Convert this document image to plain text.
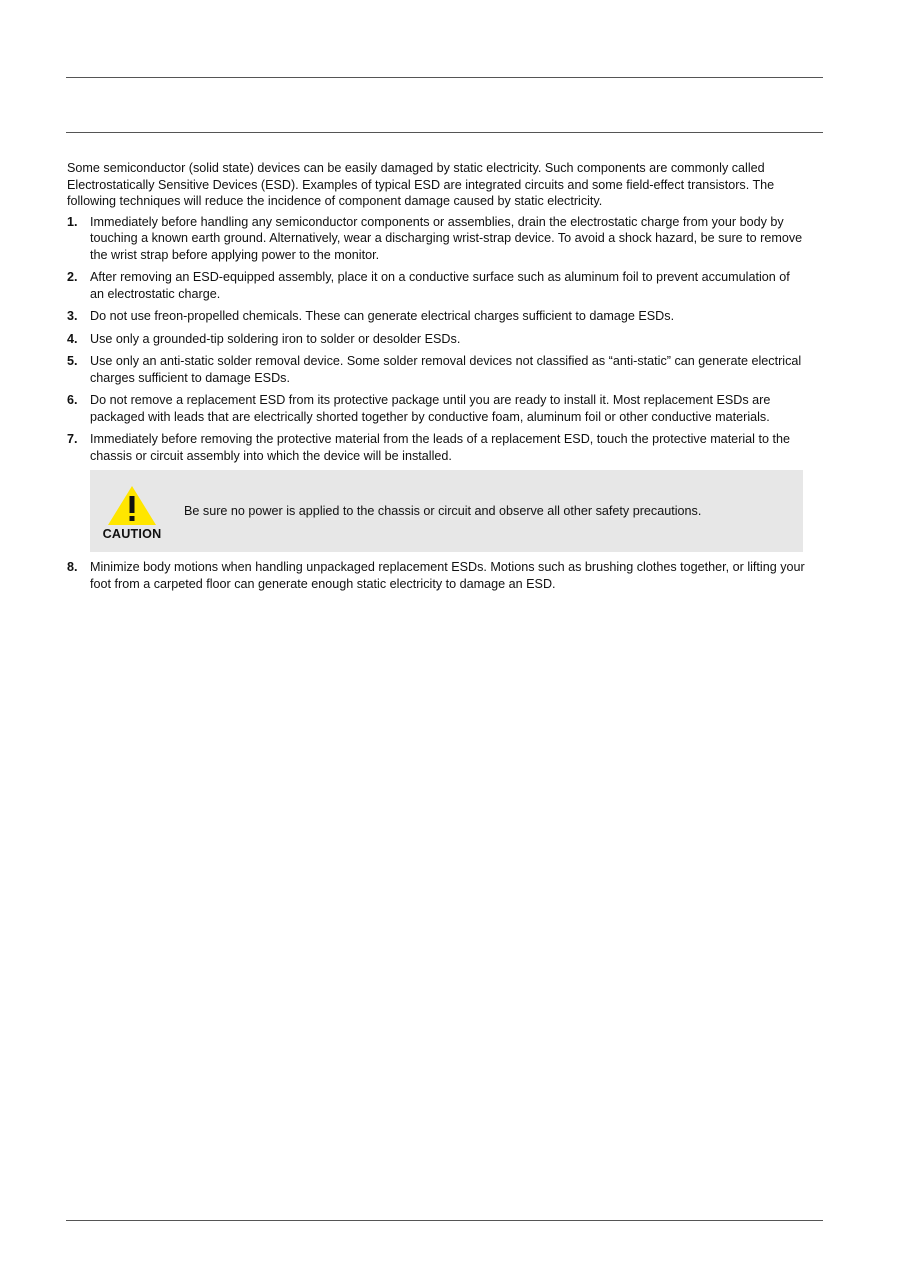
Some semiconductor (solid state) devices can be easily damaged by static electricity. Such components are commonly called Electrostatically Sensitive Devices (ESD). Examples of typical ESD are integrated circuits and some field-effect transistors. The following techniques will reduce the incidence of component damage caused by static electricity.

1. Immediately before handling any semiconductor components or assemblies, drain the electrostatic charge from your body by touching a known earth ground. Alternatively, wear a discharging wrist-strap device. To avoid a shock hazard, be sure to remove the wrist strap before applying power to the monitor.
2. After removing an ESD-equipped assembly, place it on a conductive surface such as aluminum foil to prevent accumulation of an electrostatic charge.
3. Do not use freon-propelled chemicals. These can generate electrical charges sufficient to damage ESDs.
4. Use only a grounded-tip soldering iron to solder or desolder ESDs.
5. Use only an anti-static solder removal device. Some solder removal devices not classified as “anti-static” can generate electrical charges sufficient to damage ESDs.
6. Do not remove a replacement ESD from its protective package until you are ready to install it. Most replacement ESDs are packaged with leads that are electrically shorted together by conductive foam, aluminum foil or other conductive materials.
7. Immediately before removing the protective material from the leads of a replacement ESD, touch the protective material to the chassis or circuit assembly into which the device will be installed.
CAUTION
Be sure no power is applied to the chassis or circuit and observe all other safety precautions.
8. Minimize body motions when handling unpackaged replacement ESDs. Motions such as brushing clothes together, or lifting your foot from a carpeted floor can generate enough static electricity to damage an ESD.
